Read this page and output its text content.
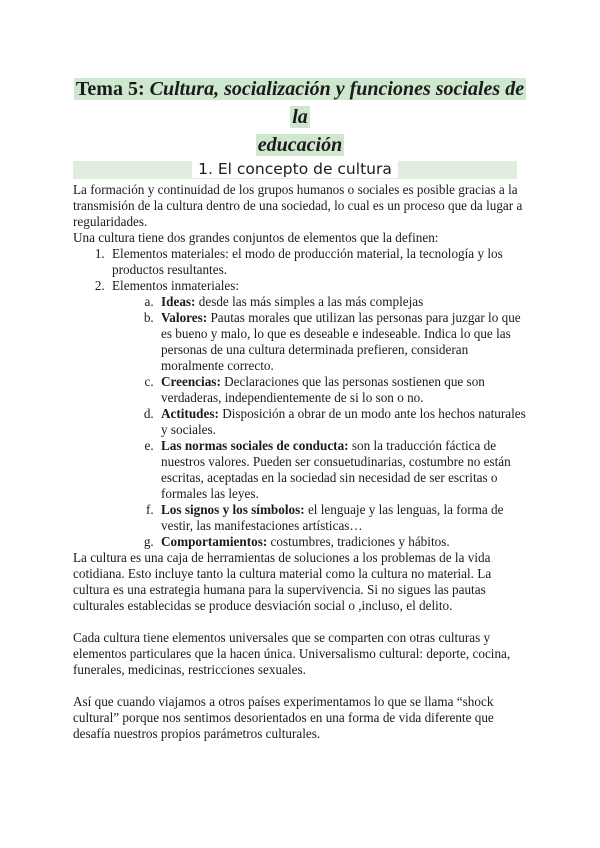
Tema 5: Cultura, socialización y funciones sociales de la
educación
1. El concepto de cultura

La formación y continuidad de los grupos humanos o sociales es posible gracias a la transmisión de la cultura dentro de una sociedad, lo cual es un proceso que da lugar a regularidades.

Una cultura tiene dos grandes conjuntos de elementos que la definen:

1. Elementos materiales: el modo de producción material, la tecnología y los productos resultantes.
2. Elementos inmateriales:
a. Ideas: desde las más simples a las más complejas
b. Valores: Pautas morales que utilizan las personas para juzgar lo que es bueno y malo, lo que es deseable e indeseable. Indica lo que las personas de una cultura determinada prefieren, consideran moralmente correcto.
c. Creencias: Declaraciones que las personas sostienen que son verdaderas, independientemente de si lo son o no.
d. Actitudes: Disposición a obrar de un modo ante los hechos naturales y sociales.
e. Las normas sociales de conducta: son la traducción fáctica de nuestros valores. Pueden ser consuetudinarias, costumbre no están escritas, aceptadas en la sociedad sin necesidad de ser escritas o formales las leyes.
f. Los signos y los símbolos: el lenguaje y las lenguas, la forma de vestir, las manifestaciones artísticas…
g. Comportamientos: costumbres, tradiciones y hábitos.

La cultura es una caja de herramientas de soluciones a los problemas de la vida cotidiana. Esto incluye tanto la cultura material como la cultura no material. La cultura es una estrategia humana para la supervivencia. Si no sigues las pautas culturales establecidas se produce desviación social o ,incluso, el delito.

Cada cultura tiene elementos universales que se comparten con otras culturas y elementos particulares que la hacen única. Universalismo cultural: deporte, cocina, funerales, medicinas, restricciones sexuales.

Así que cuando viajamos a otros países experimentamos lo que se llama “shock cultural” porque nos sentimos desorientados en una forma de vida diferente que desafía nuestros propios parámetros culturales.
